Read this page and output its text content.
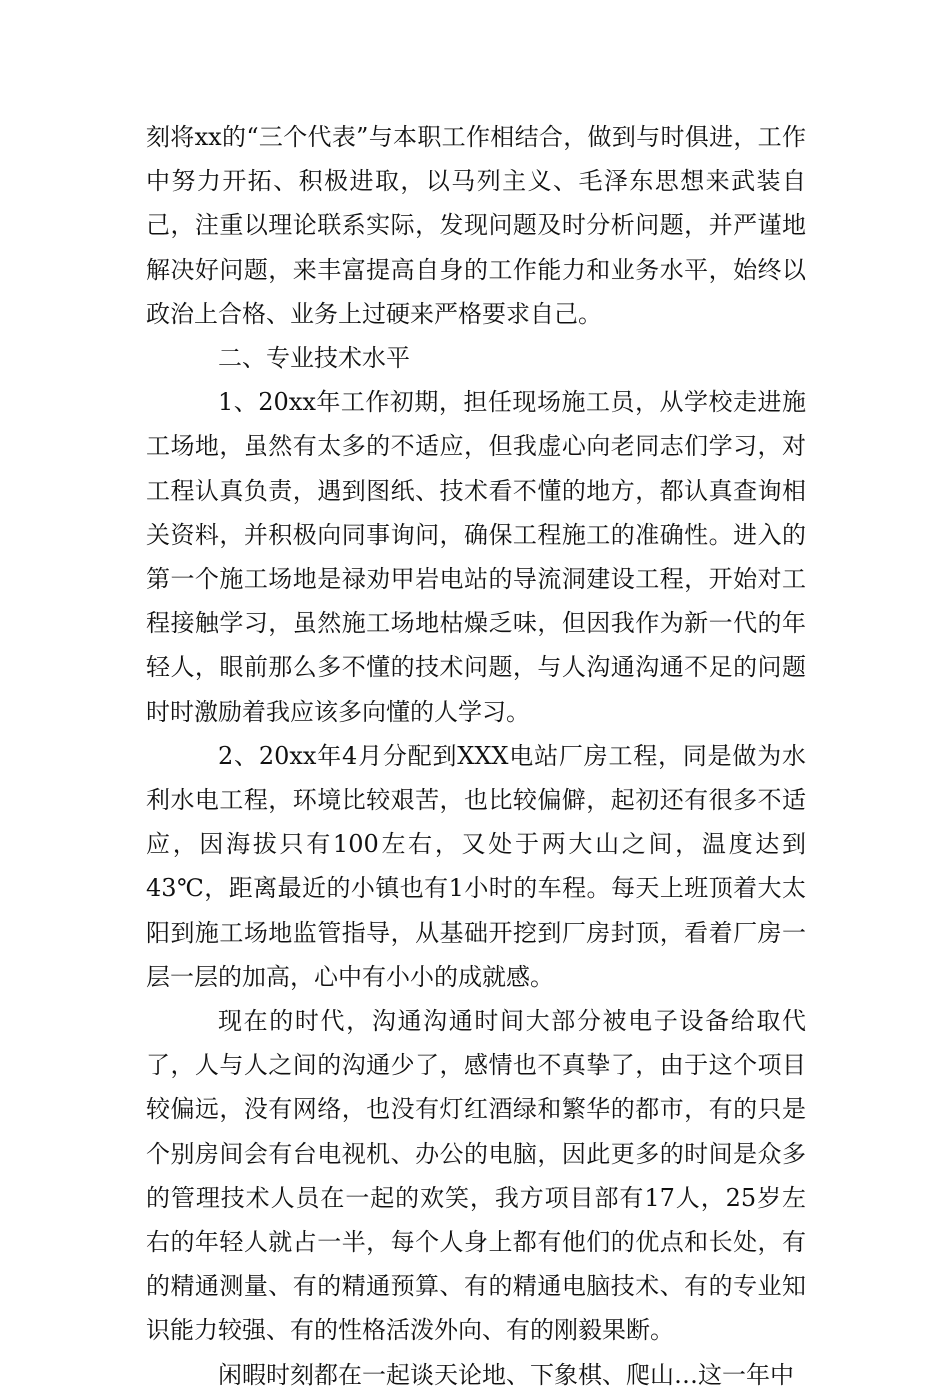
刻将xx的“三个代表”与本职工作相结合，做到与时俱进，工作中努力开拓、积极进取，以马列主义、毛泽东思想来武装自己，注重以理论联系实际，发现问题及时分析问题，并严谨地解决好问题，来丰富提高自身的工作能力和业务水平，始终以政治上合格、业务上过硬来严格要求自己。

二、专业技术水平

1、20xx年工作初期，担任现场施工员，从学校走进施工场地，虽然有太多的不适应，但我虚心向老同志们学习，对工程认真负责，遇到图纸、技术看不懂的地方，都认真查询相关资料，并积极向同事询问，确保工程施工的准确性。进入的第一个施工场地是禄劝甲岩电站的导流洞建设工程，开始对工程接触学习，虽然施工场地枯燥乏味，但因我作为新一代的年轻人，眼前那么多不懂的技术问题，与人沟通沟通不足的问题时时激励着我应该多向懂的人学习。

2、20xx年4月分配到XXX电站厂房工程，同是做为水利水电工程，环境比较艰苦，也比较偏僻，起初还有很多不适应，因海拔只有100左右，又处于两大山之间，温度达到43℃，距离最近的小镇也有1小时的车程。每天上班顶着大太阳到施工场地监管指导，从基础开挖到厂房封顶，看着厂房一层一层的加高，心中有小小的成就感。

现在的时代，沟通沟通时间大部分被电子设备给取代了，人与人之间的沟通少了，感情也不真挚了，由于这个项目较偏远，没有网络，也没有灯红酒绿和繁华的都市，有的只是个别房间会有台电视机、办公的电脑，因此更多的时间是众多的管理技术人员在一起的欢笑，我方项目部有17人，25岁左右的年轻人就占一半，每个人身上都有他们的优点和长处，有的精通测量、有的精通预算、有的精通电脑技术、有的专业知识能力较强、有的性格活泼外向、有的刚毅果断。

闲暇时刻都在一起谈天论地、下象棋、爬山…这一年中
